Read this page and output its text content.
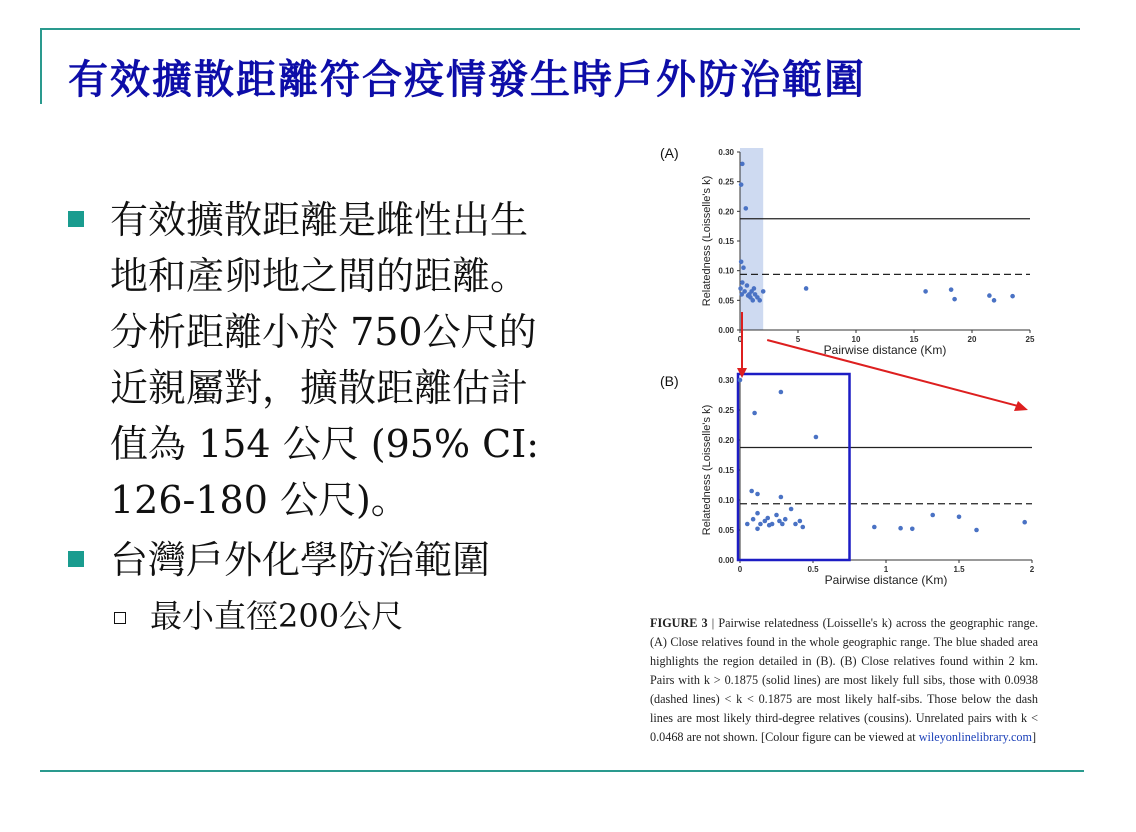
有效擴散距離符合疫情發生時戶外防治範圍
有效擴散距離是雌性出生
地和產卵地之間的距離。
分析距離小於 750公尺的
近親屬對，擴散距離估計
值為 154 公尺 (95% CI:
126-180 公尺)。
台灣戶外化學防治範圍
最小直徑200公尺
0.00
0.05
0.10
0.15
0.20
0.25
0.30
0	5	10	15	20	25
Pairwise distance (Km)
Relatedness (Loisselle's k)
(A)
0.00
0.05
0.10
0.15
0.20
0.25
0.30
0	0.5	1	1.5	2
Pairwise distance (Km)
Relatedness (Loisselle's k)
(B)
FIGURE 3 | Pairwise relatedness (Loisselle's k) across the geographic range. (A) Close relatives found in the whole geographic range. The blue shaded area highlights the region detailed in (B). (B) Close relatives found within 2 km. Pairs with k > 0.1875 (solid lines) are most likely full sibs, those with 0.0938 (dashed lines) < k < 0.1875 are most likely half-sibs. Those below the dash lines are most likely third-degree relatives (cousins). Unrelated pairs with k < 0.0468 are not shown. [Colour figure can be viewed at wileyonlinelibrary.com]
